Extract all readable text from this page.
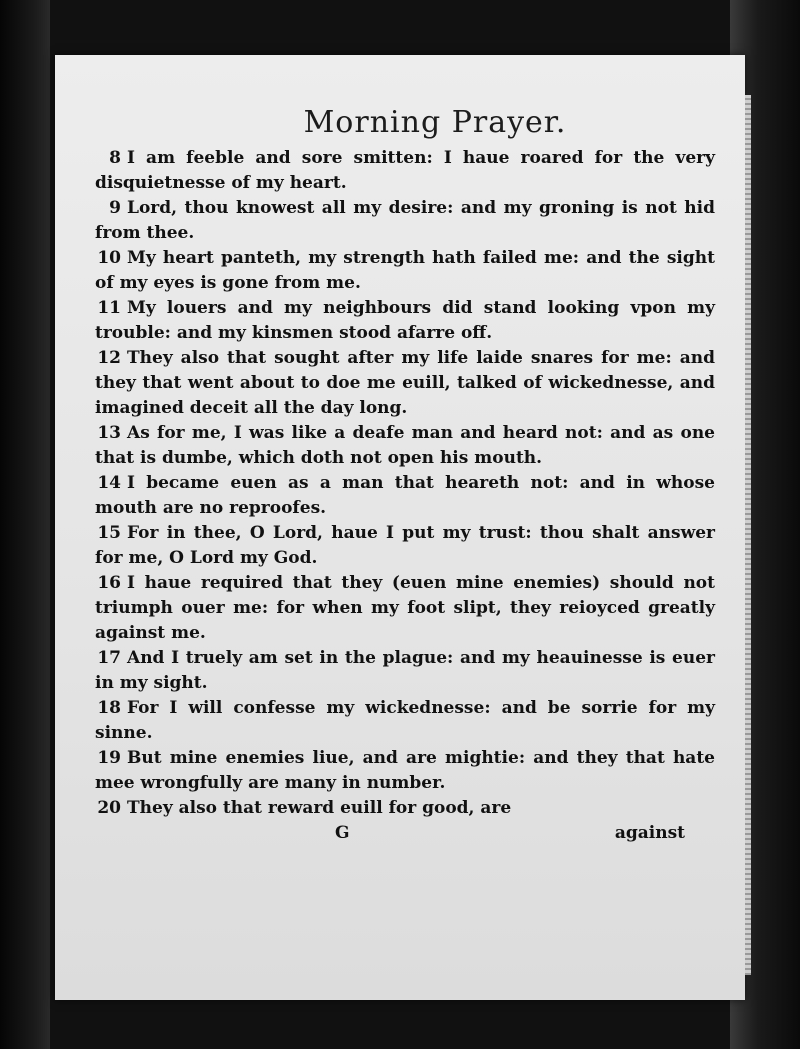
Morning Prayer.

8 I am feeble and sore smitten: I haue roared for the very disquietnesse of my heart.

9 Lord, thou knowest all my desire: and my groning is not hid from thee.

10 My heart panteth, my strength hath failed me: and the sight of my eyes is gone from me.

11 My louers and my neighbours did stand looking vpon my trouble: and my kinsmen stood afarre off.

12 They also that sought after my life laide snares for me: and they that went about to doe me euill, talked of wickednesse, and imagined deceit all the day long.

13 As for me, I was like a deafe man and heard not: and as one that is dumbe, which doth not open his mouth.

14 I became euen as a man that heareth not: and in whose mouth are no reproofes.

15 For in thee, O Lord, haue I put my trust: thou shalt answer for me, O Lord my God.

16 I haue required that they (euen mine enemies) should not triumph ouer me: for when my foot slipt, they reioyced greatly against me.

17 And I truely am set in the plague: and my heauinesse is euer in my sight.

18 For I will confesse my wickednesse: and be sorrie for my sinne.

19 But mine enemies liue, and are mightie: and they that hate mee wrongfully are many in number.

20 They also that reward euill for good, are

G	against
